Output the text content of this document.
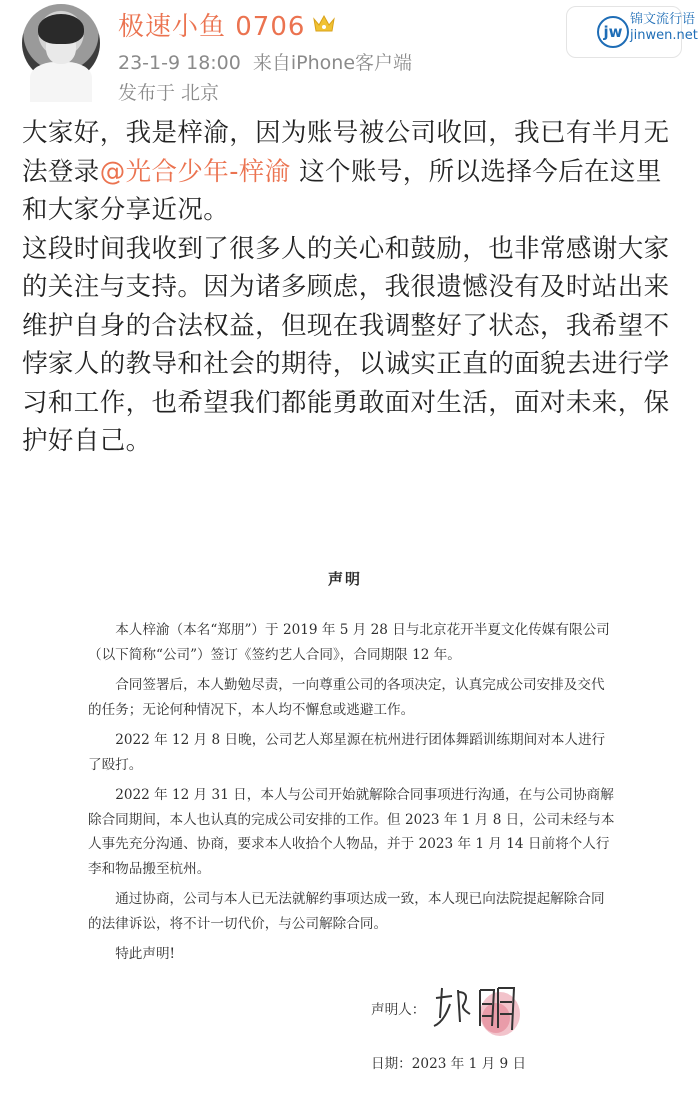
极速小鱼 0706
23-1-9 18:00 来自iPhone客户端
发布于 北京
jw
锦文流行语
jinwen.net

大家好，我是梓渝，因为账号被公司收回，我已有半月无法登录@光合少年-梓渝 这个账号，所以选择今后在这里和大家分享近况。

这段时间我收到了很多人的关心和鼓励，也非常感谢大家的关注与支持。因为诸多顾虑，我很遗憾没有及时站出来维护自身的合法权益，但现在我调整好了状态，我希望不悖家人的教导和社会的期待，以诚实正直的面貌去进行学习和工作，也希望我们都能勇敢面对生活，面对未来，保护好自己。

声明

本人梓渝（本名“郑朋”）于 2019 年 5 月 28 日与北京花开半夏文化传媒有限公司（以下简称“公司”）签订《签约艺人合同》，合同期限 12 年。

合同签署后，本人勤勉尽责，一向尊重公司的各项决定，认真完成公司安排及交代的任务；无论何种情况下，本人均不懈怠或逃避工作。

2022 年 12 月 8 日晚，公司艺人郑星源在杭州进行团体舞蹈训练期间对本人进行了殴打。

2022 年 12 月 31 日，本人与公司开始就解除合同事项进行沟通，在与公司协商解除合同期间，本人也认真的完成公司安排的工作。但 2023 年 1 月 8 日，公司未经与本人事先充分沟通、协商，要求本人收拾个人物品，并于 2023 年 1 月 14 日前将个人行李和物品搬至杭州。

通过协商，公司与本人已无法就解约事项达成一致，本人现已向法院提起解除合同的法律诉讼，将不计一切代价，与公司解除合同。

特此声明!

声明人：
日期：2023 年 1 月 9 日
